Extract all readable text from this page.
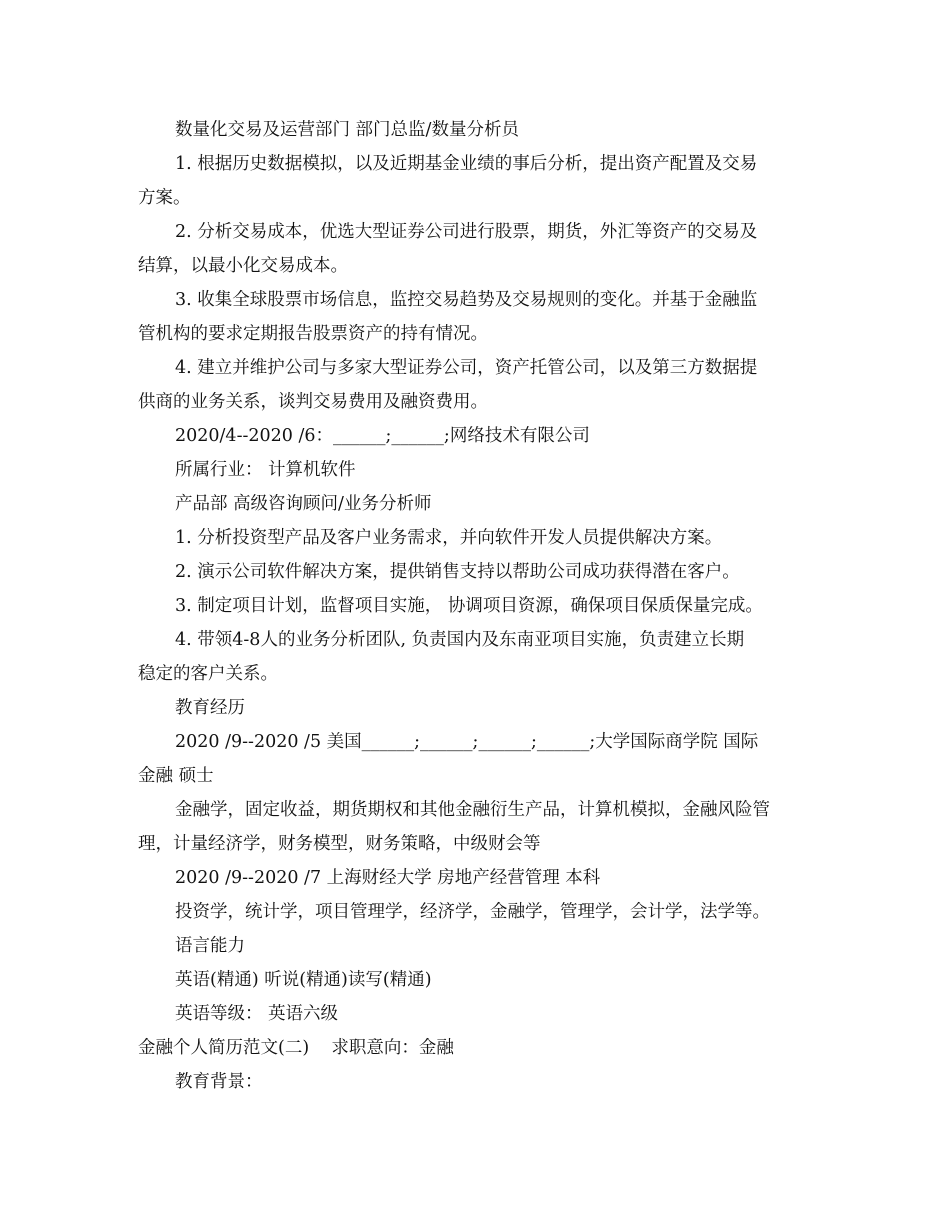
数量化交易及运营部门 部门总监/数量分析员
1. 根据历史数据模拟，以及近期基金业绩的事后分析，提出资产配置及交易
方案。
2. 分析交易成本，优选大型证券公司进行股票，期货，外汇等资产的交易及
结算，以最小化交易成本。
3. 收集全球股票市场信息，监控交易趋势及交易规则的变化。并基于金融监
管机构的要求定期报告股票资产的持有情况。
4. 建立并维护公司与多家大型证券公司，资产托管公司，以及第三方数据提
供商的业务关系，谈判交易费用及融资费用。
2020/4--2020 /6：______;______;网络技术有限公司
所属行业： 计算机软件
产品部 高级咨询顾问/业务分析师
1. 分析投资型产品及客户业务需求，并向软件开发人员提供解决方案。
2. 演示公司软件解决方案，提供销售支持以帮助公司成功获得潜在客户。
3. 制定项目计划，监督项目实施， 协调项目资源，确保项目保质保量完成。
4. 带领4-8人的业务分析团队, 负责国内及东南亚项目实施，负责建立长期
稳定的客户关系。
教育经历
2020 /9--2020 /5 美国______;______;______;______;大学国际商学院 国际
金融 硕士
金融学，固定收益，期货期权和其他金融衍生产品，计算机模拟，金融风险管
理，计量经济学，财务模型，财务策略，中级财会等
2020 /9--2020 /7 上海财经大学 房地产经营管理 本科
投资学，统计学，项目管理学，经济学，金融学，管理学，会计学，法学等。
语言能力
英语(精通) 听说(精通)读写(精通)
英语等级： 英语六级
金融个人简历范文(二)    求职意向：金融
教育背景：
